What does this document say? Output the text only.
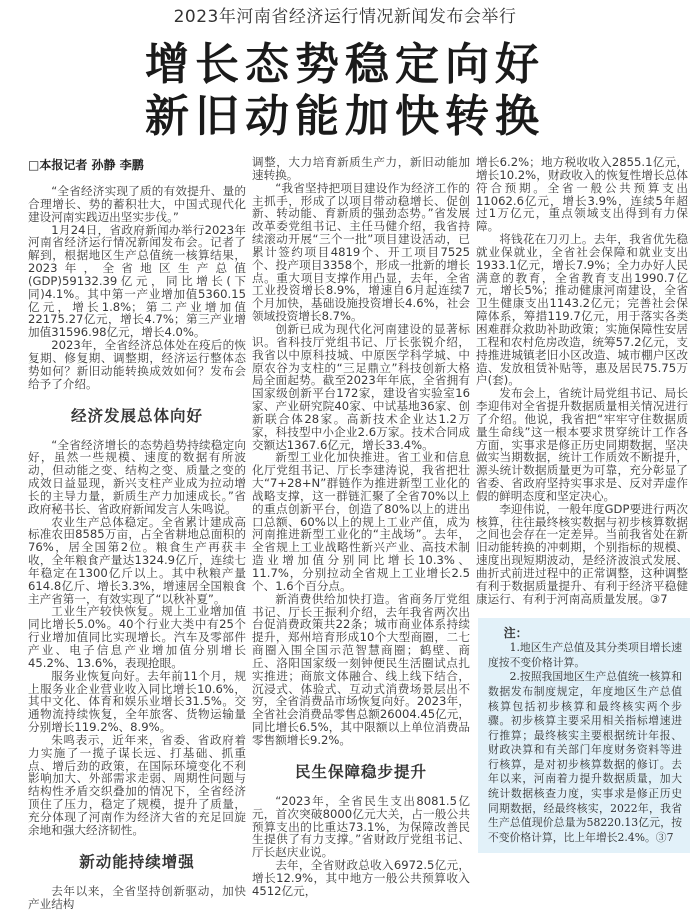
2023年河南省经济运行情况新闻发布会举行
增长态势稳定向好
新旧动能加快转换

□本报记者 孙静 李鹏

“全省经济实现了质的有效提升、量的合理增长、势的蓄积壮大，中国式现代化建设河南实践迈出坚实步伐。”

1月24日，省政府新闻办举行2023年河南省经济运行情况新闻发布会。记者了解到，根据地区生产总值统一核算结果，2023年，全省地区生产总值(GDP)59132.39亿元，同比增长(下同)4.1%。其中第一产业增加值5360.15亿元，增长1.8%；第二产业增加值22175.27亿元，增长4.7%；第三产业增加值31596.98亿元，增长4.0%。

2023年，全省经济总体处在疫后的恢复期、修复期、调整期，经济运行整体态势如何？新旧动能转换成效如何？发布会给予了介绍。

经济发展总体向好

“全省经济增长的态势趋势持续稳定向好，虽然一些规模、速度的数据有所波动，但动能之变、结构之变、质量之变的成效日益显现，新兴支柱产业成为拉动增长的主导力量，新质生产力加速成长。”省政府秘书长、省政府新闻发言人朱鸣说。

农业生产总体稳定。全省累计建成高标准农田8585万亩，占全省耕地总面积的76%，居全国第2位。粮食生产再获丰收，全年粮食产量达1324.9亿斤，连续七年稳定在1300亿斤以上。其中秋粮产量614.8亿斤、增长3.3%，增速居全国粮食主产省第一，有效实现了“以秋补夏”。

工业生产较快恢复。规上工业增加值同比增长5.0%。40个行业大类中有25个行业增加值同比实现增长。汽车及零部件产业、电子信息产业增加值分别增长45.2%、13.6%，表现抢眼。

服务业恢复向好。去年前11个月，规上服务业企业营业收入同比增长10.6%，其中文化、体育和娱乐业增长31.5%。交通物流持续恢复，全年旅客、货物运输量分别增长119.2%、8.9%。

朱鸣表示，近年来，省委、省政府着力实施了一揽子谋长远、打基础、抓重点、增后劲的政策，在国际环境变化不利影响加大、外部需求走弱、周期性问题与结构性矛盾交织叠加的情况下，全省经济顶住了压力，稳定了规模，提升了质量，充分体现了河南作为经济大省的充足回旋余地和强大经济韧性。

新动能持续增强

去年以来，全省坚持创新驱动，加快产业结构

调整，大力培育新质生产力，新旧动能加速转换。

“我省坚持把项目建设作为经济工作的主抓手，形成了以项目带动稳增长、促创新、转动能、育新质的强劲态势。”省发展改革委党组书记、主任马健介绍，我省持续滚动开展“三个一批”项目建设活动，已累计签约项目4819个、开工项目7525个、投产项目3358个，形成一批新的增长点。重大项目支撑作用凸显，去年，全省工业投资增长8.9%，增速自6月起连续7个月加快，基础设施投资增长4.6%，社会领域投资增长8.7%。

创新已成为现代化河南建设的显著标识。省科技厅党组书记、厅长张锐介绍，我省以中原科技城、中原医学科学城、中原农谷为支柱的“三足鼎立”科技创新大格局全面起势。截至2023年年底，全省拥有国家级创新平台172家，建设省实验室16家、产业研究院40家、中试基地36家、创新联合体28家。高新技术企业达1.2万家，科技型中小企业2.6万家。技术合同成交额达1367.6亿元，增长33.4%。

新型工业化加快推进。省工业和信息化厅党组书记、厅长李建涛说，我省把壮大“7+28+N”群链作为推进新型工业化的战略支撑，这一群链汇聚了全省70%以上的重点创新平台，创造了80%以上的进出口总额、60%以上的规上工业产值，成为河南推进新型工业化的“主战场”。去年，全省规上工业战略性新兴产业、高技术制造业增加值分别同比增长10.3%、11.7%，分别拉动全省规上工业增长2.5个、1.6个百分点。

新消费供给加快打造。省商务厅党组书记、厅长王振利介绍，去年我省两次出台促消费政策共22条；城市商业体系持续提升，郑州培育形成10个大型商圈，二七商圈入围全国示范智慧商圈；鹤壁、商丘、洛阳国家级一刻钟便民生活圈试点扎实推进；商旅文体融合、线上线下结合，沉浸式、体验式、互动式消费场景层出不穷，全省消费品市场恢复向好。2023年，全省社会消费品零售总额26004.45亿元，同比增长6.5%，其中限额以上单位消费品零售额增长9.2%。

民生保障稳步提升

“2023年，全省民生支出8081.5亿元，首次突破8000亿元大关，占一般公共预算支出的比重达73.1%，为保障改善民生提供了有力支撑。”省财政厅党组书记、厅长赵庆业说。

去年，全省财政总收入6972.5亿元，增长12.9%，其中地方一般公共预算收入4512亿元，

增长6.2%；地方税收收入2855.1亿元，增长10.2%，财政收入的恢复性增长总体符合预期。全省一般公共预算支出11062.6亿元，增长3.9%，连续5年超过1万亿元，重点领域支出得到有力保障。

将钱花在刀刃上。去年，我省优先稳就业保就业，全省社会保障和就业支出1933.1亿元，增长7.9%；全力办好人民满意的教育，全省教育支出1990.7亿元，增长5%；推动健康河南建设，全省卫生健康支出1143.2亿元；完善社会保障体系，筹措119.7亿元，用于落实各类困难群众救助补助政策；实施保障性安居工程和农村危房改造，统筹57.2亿元，支持推进城镇老旧小区改造、城市棚户区改造、发放租赁补贴等，惠及居民75.75万户(套)。

发布会上，省统计局党组书记、局长李迎伟对全省提升数据质量相关情况进行了介绍。他说，我省把“牢牢守住数据质量生命线”这一根本要求贯穿统计工作各方面，实事求是修正历史同期数据，坚决做实当期数据，统计工作质效不断提升，源头统计数据质量更为可靠，充分彰显了省委、省政府坚持实事求是、反对弄虚作假的鲜明态度和坚定决心。

李迎伟说，一般年度GDP要进行两次核算，往往最终核实数据与初步核算数据之间也会存在一定差异。当前我省处在新旧动能转换的冲刺期，个别指标的规模、速度出现短期波动，是经济波浪式发展、曲折式前进过程中的正常调整，这种调整有利于数据质量提升、有利于经济平稳健康运行、有利于河南高质量发展。③7

注：

1.地区生产总值及其分类项目增长速度按不变价格计算。

2.按照我国地区生产总值统一核算和数据发布制度规定，年度地区生产总值核算包括初步核算和最终核实两个步骤。初步核算主要采用相关指标增速进行推算；最终核实主要根据统计年报、财政决算和有关部门年度财务资料等进行核算，是对初步核算数据的修订。去年以来，河南着力提升数据质量，加大统计数据核查力度，实事求是修正历史同期数据，经最终核实，2022年，我省生产总值现价总量为58220.13亿元，按不变价格计算，比上年增长2.4%。③7
